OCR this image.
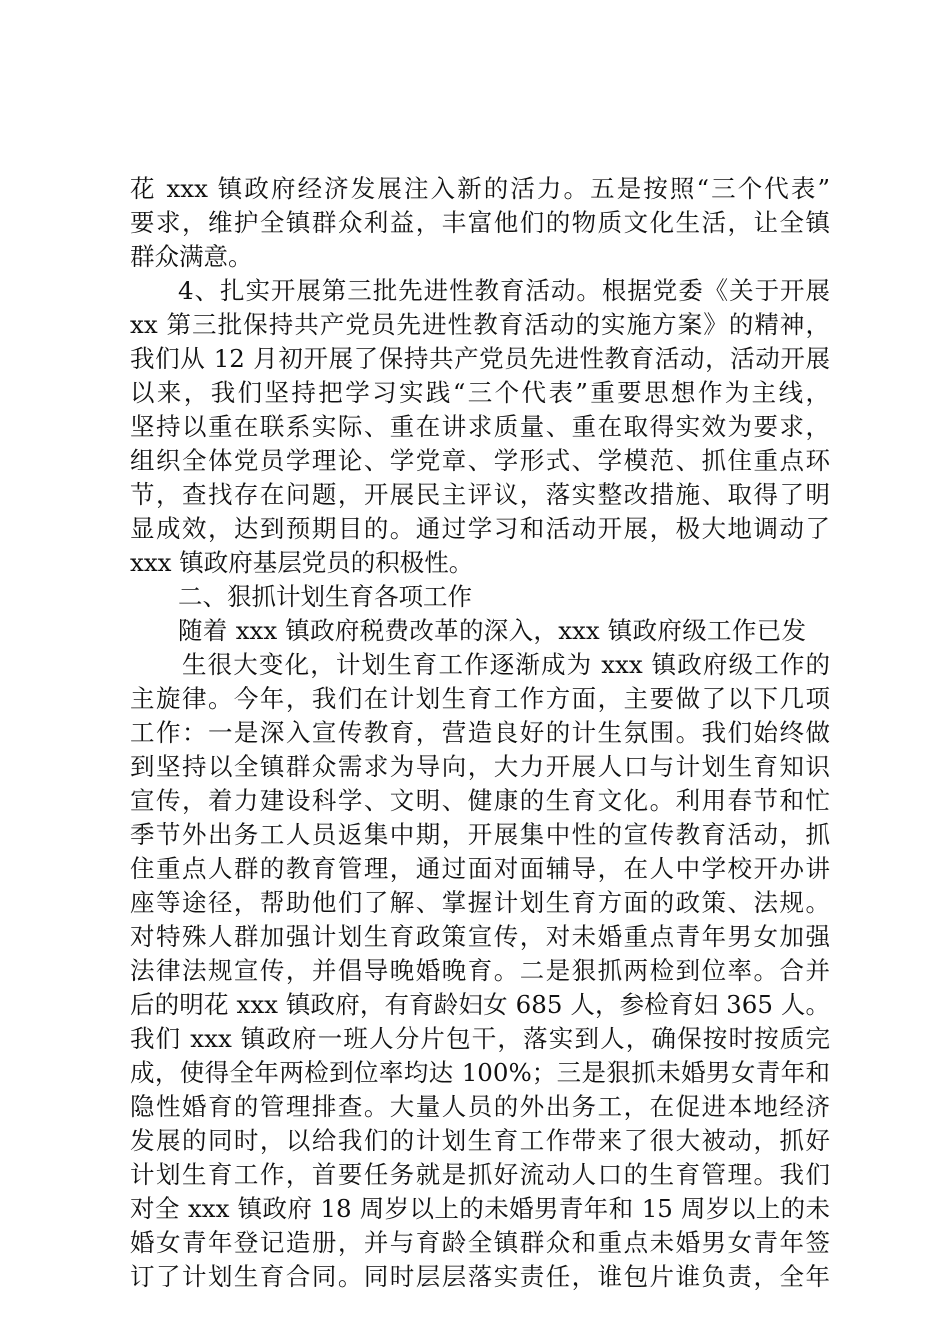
花 xxx 镇政府经济发展注入新的活力。五是按照“三个代表”
要求，维护全镇群众利益，丰富他们的物质文化生活，让全镇
群众满意。
4、扎实开展第三批先进性教育活动。根据党委《关于开展
xx 第三批保持共产党员先进性教育活动的实施方案》的精神，
我们从 12 月初开展了保持共产党员先进性教育活动，活动开展
以来，我们坚持把学习实践“三个代表”重要思想作为主线，
坚持以重在联系实际、重在讲求质量、重在取得实效为要求，
组织全体党员学理论、学党章、学形式、学模范、抓住重点环
节，查找存在问题，开展民主评议，落实整改措施、取得了明
显成效，达到预期目的。通过学习和活动开展，极大地调动了
xxx 镇政府基层党员的积极性。
二、狠抓计划生育各项工作
随着 xxx 镇政府税费改革的深入，xxx 镇政府级工作已发
生很大变化，计划生育工作逐渐成为 xxx 镇政府级工作的
主旋律。今年，我们在计划生育工作方面，主要做了以下几项
工作：一是深入宣传教育，营造良好的计生氛围。我们始终做
到坚持以全镇群众需求为导向，大力开展人口与计划生育知识
宣传，着力建设科学、文明、健康的生育文化。利用春节和忙
季节外出务工人员返集中期，开展集中性的宣传教育活动，抓
住重点人群的教育管理，通过面对面辅导，在人中学校开办讲
座等途径，帮助他们了解、掌握计划生育方面的政策、法规。
对特殊人群加强计划生育政策宣传，对未婚重点青年男女加强
法律法规宣传，并倡导晚婚晚育。二是狠抓两检到位率。合并
后的明花 xxx 镇政府，有育龄妇女 685 人，参检育妇 365 人。
我们 xxx 镇政府一班人分片包干，落实到人，确保按时按质完
成，使得全年两检到位率均达 100%；三是狠抓未婚男女青年和
隐性婚育的管理排查。大量人员的外出务工，在促进本地经济
发展的同时，以给我们的计划生育工作带来了很大被动，抓好
计划生育工作，首要任务就是抓好流动人口的生育管理。我们
对全 xxx 镇政府 18 周岁以上的未婚男青年和 15 周岁以上的未
婚女青年登记造册，并与育龄全镇群众和重点未婚男女青年签
订了计划生育合同。同时层层落实责任，谁包片谁负责，全年
